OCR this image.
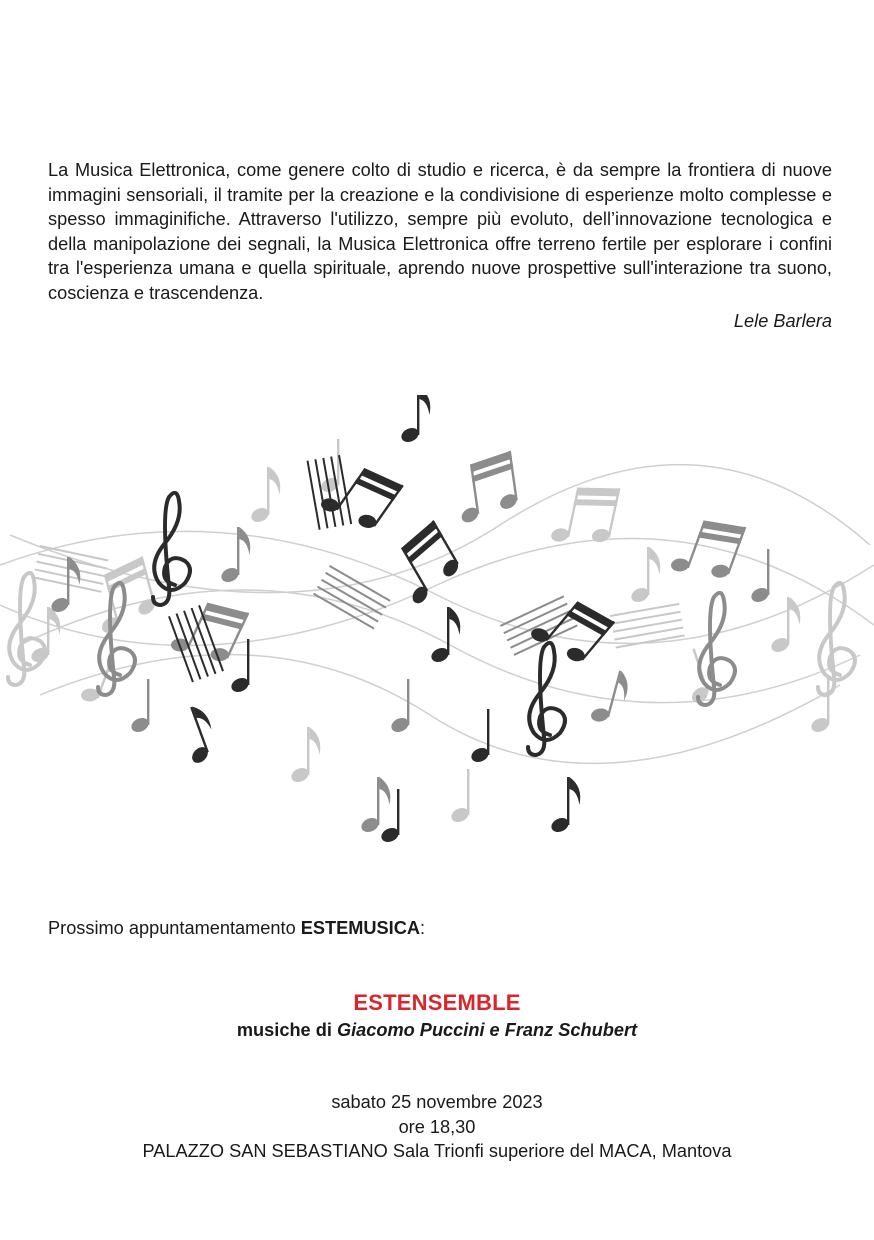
La Musica Elettronica, come genere colto di studio e ricerca, è da sempre la frontiera di nuove immagini sensoriali, il tramite per la creazione e la condivisione di esperienze molto complesse e spesso immaginifiche. Attraverso l'utilizzo, sempre più evoluto, dell’innovazione tecnologica e della manipolazione dei segnali, la Musica Elettronica offre terreno fertile per esplorare i confini tra l'esperienza umana e quella spirituale, aprendo nuove prospettive sull'interazione tra suono, coscienza e trascendenza.

Lele Barlera
Prossimo appuntamentamento ESTEMUSICA:
ESTENSEMBLE
musiche di Giacomo Puccini e Franz Schubert
sabato 25 novembre 2023
ore 18,30
PALAZZO SAN SEBASTIANO Sala Trionfi superiore del MACA, Mantova
